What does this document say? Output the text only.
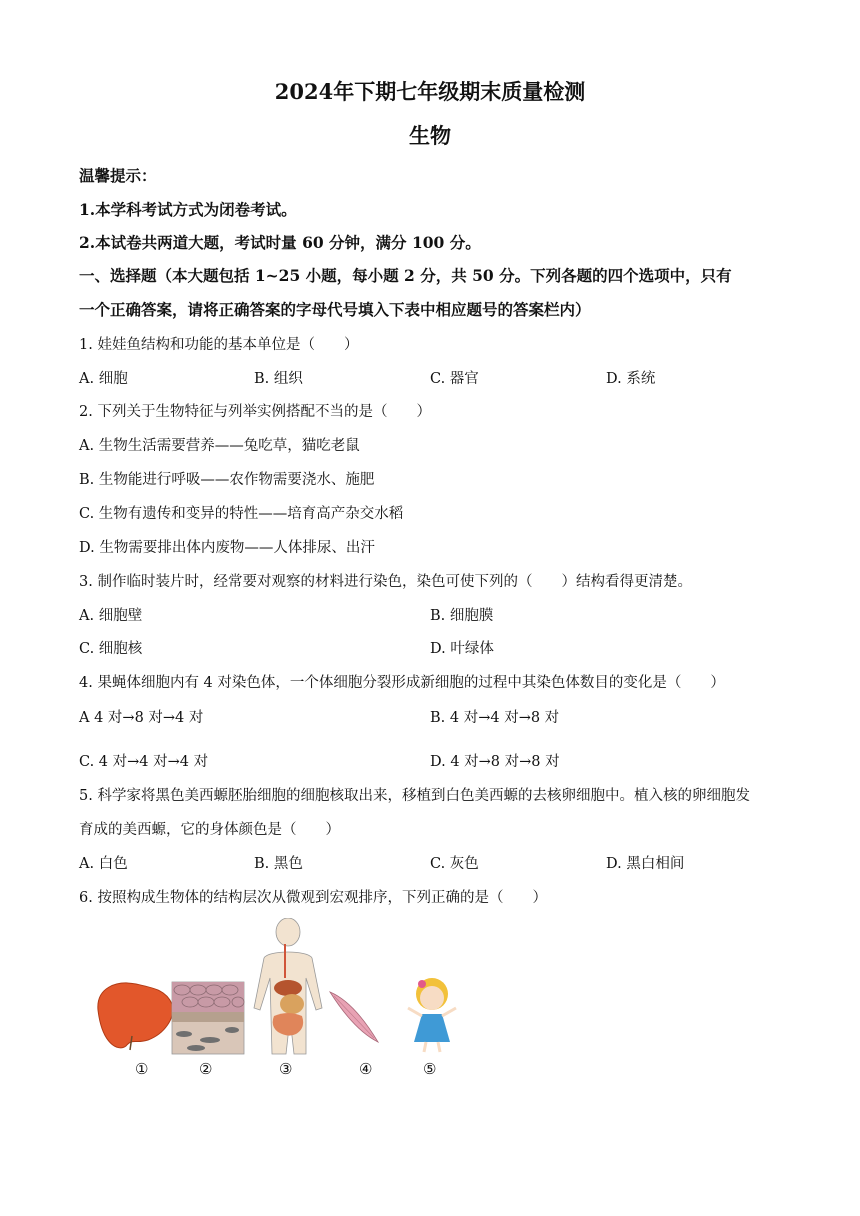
2024年下期七年级期末质量检测
生物
温馨提示：
1.本学科考试方式为闭卷考试。
2.本试卷共两道大题，考试时量 60 分钟，满分 100 分。
一、选择题（本大题包括 1~25 小题，每小题 2 分，共 50 分。下列各题的四个选项中，只有
一个正确答案，请将正确答案的字母代号填入下表中相应题号的答案栏内）
1. 娃娃鱼结构和功能的基本单位是（　　）
A. 细胞	B. 组织	C. 器官	D. 系统
2. 下列关于生物特征与列举实例搭配不当的是（　　）
A. 生物生活需要营养——兔吃草，猫吃老鼠
B. 生物能进行呼吸——农作物需要浇水、施肥
C. 生物有遗传和变异的特性——培育高产杂交水稻
D. 生物需要排出体内废物——人体排尿、出汗
3. 制作临时装片时，经常要对观察的材料进行染色，染色可使下列的（　　）结构看得更清楚。
A. 细胞壁	B. 细胞膜
C. 细胞核	D. 叶绿体
4. 果蝇体细胞内有 4 对染色体，一个体细胞分裂形成新细胞的过程中其染色体数目的变化是（　　）
A 4 对→8 对→4 对	B. 4 对→4 对→8 对
C. 4 对→4 对→4 对	D. 4 对→8 对→8 对
5. 科学家将黑色美西螈胚胎细胞的细胞核取出来，移植到白色美西螈的去核卵细胞中。植入核的卵细胞发
育成的美西螈，它的身体颜色是（　　）
A. 白色	B. 黑色	C. 灰色	D. 黑白相间
6. 按照构成生物体的结构层次从微观到宏观排序，下列正确的是（　　）
①	②	③	④	⑤
